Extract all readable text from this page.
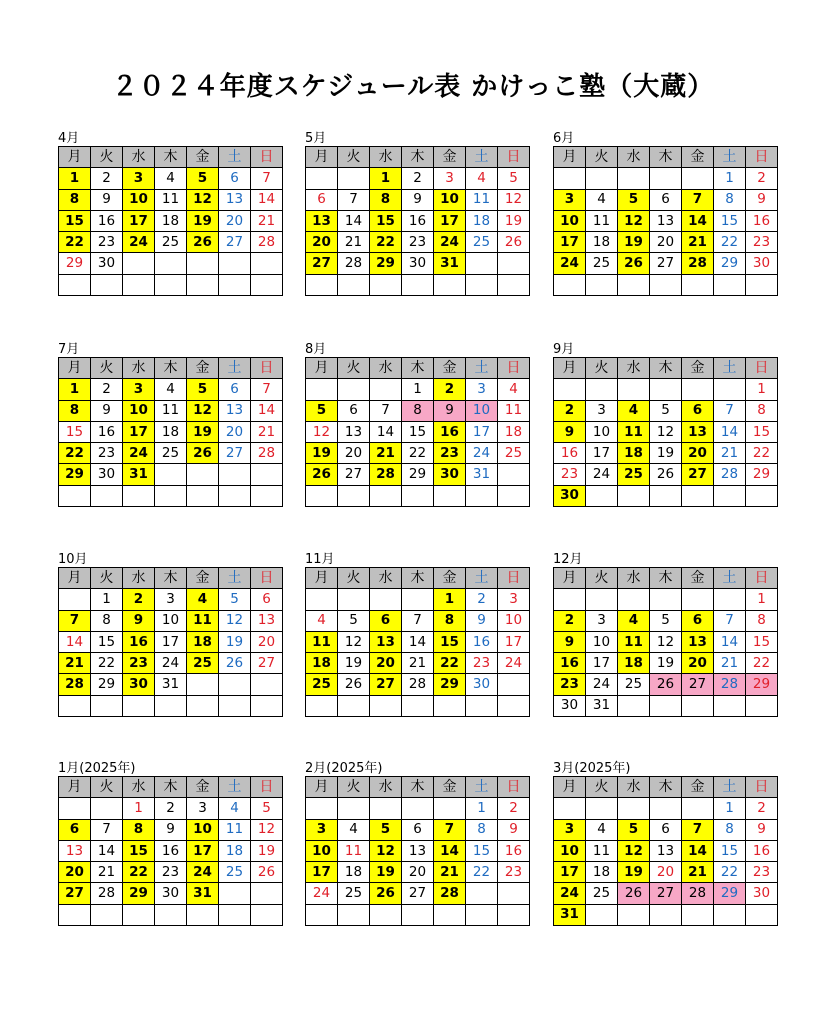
２０２４年度スケジュール表 かけっこ塾（大蔵）
4月
月	火	水	木	金	土	日
1	2	3	4	5	6	7
8	9	10	11	12	13	14
15	16	17	18	19	20	21
22	23	24	25	26	27	28
29	30					

5月
月	火	水	木	金	土	日
		1	2	3	4	5
6	7	8	9	10	11	12
13	14	15	16	17	18	19
20	21	22	23	24	25	26
27	28	29	30	31		

6月
月	火	水	木	金	土	日
					1	2
3	4	5	6	7	8	9
10	11	12	13	14	15	16
17	18	19	20	21	22	23
24	25	26	27	28	29	30

7月
月	火	水	木	金	土	日
1	2	3	4	5	6	7
8	9	10	11	12	13	14
15	16	17	18	19	20	21
22	23	24	25	26	27	28
29	30	31				

8月
月	火	水	木	金	土	日
			1	2	3	4
5	6	7	8	9	10	11
12	13	14	15	16	17	18
19	20	21	22	23	24	25
26	27	28	29	30	31	

9月
月	火	水	木	金	土	日
						1
2	3	4	5	6	7	8
9	10	11	12	13	14	15
16	17	18	19	20	21	22
23	24	25	26	27	28	29
30						
10月
月	火	水	木	金	土	日
	1	2	3	4	5	6
7	8	9	10	11	12	13
14	15	16	17	18	19	20
21	22	23	24	25	26	27
28	29	30	31			

11月
月	火	水	木	金	土	日
				1	2	3
4	5	6	7	8	9	10
11	12	13	14	15	16	17
18	19	20	21	22	23	24
25	26	27	28	29	30	

12月
月	火	水	木	金	土	日
						1
2	3	4	5	6	7	8
9	10	11	12	13	14	15
16	17	18	19	20	21	22
23	24	25	26	27	28	29
30	31					
1月(2025年)
月	火	水	木	金	土	日
		1	2	3	4	5
6	7	8	9	10	11	12
13	14	15	16	17	18	19
20	21	22	23	24	25	26
27	28	29	30	31		

2月(2025年)
月	火	水	木	金	土	日
					1	2
3	4	5	6	7	8	9
10	11	12	13	14	15	16
17	18	19	20	21	22	23
24	25	26	27	28		

3月(2025年)
月	火	水	木	金	土	日
					1	2
3	4	5	6	7	8	9
10	11	12	13	14	15	16
17	18	19	20	21	22	23
24	25	26	27	28	29	30
31						
